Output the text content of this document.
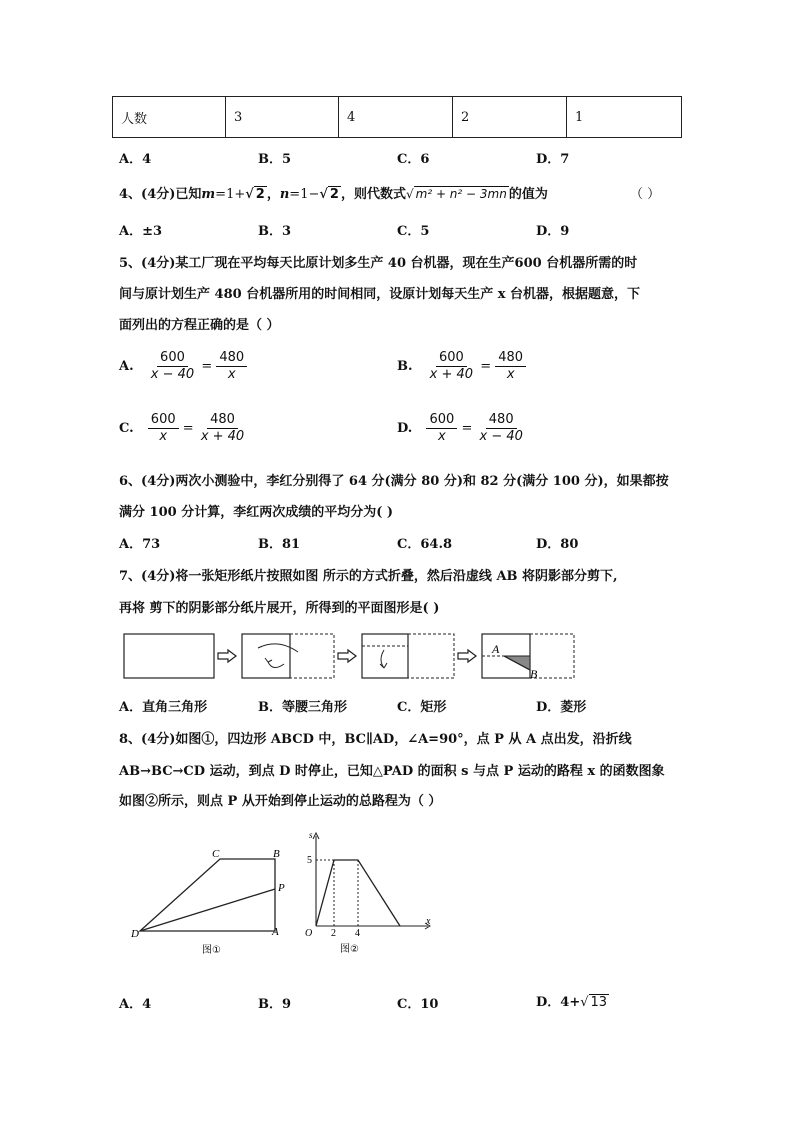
人数	3	4	2	1
A．4	B．5	C．6	D．7
4、(4分)已知m=1+√ 2 ，n=1−√ 2 ，则代数式√ m² + n² − 3mn 的值为	（ ）
A．±3	B．3	C．5	D．9
5、(4分)某工厂现在平均每天比原计划多生产 40 台机器，现在生产600 台机器所需的时
间与原计划生产 480 台机器所用的时间相同，设原计划每天生产 x 台机器，根据题意，下
面列出的方程正确的是（ ）
A. $\frac{600}{x - 40} = \frac{480}{x}$	B. $\frac{600}{x + 40} = \frac{480}{x}$
C. $\frac{600}{x} = \frac{480}{x + 40}$	D. $\frac{600}{x} = \frac{480}{x - 40}$
6、(4分)两次小测验中，李红分别得了 64 分(满分 80 分)和 82 分(满分 100 分)，如果都按
满分 100 分计算，李红两次成绩的平均分为( )
A．73	B．81	C．64.8	D．80
7、(4分)将一张矩形纸片按照如图 所示的方式折叠，然后沿虚线 AB 将阴影部分剪下,
再将 剪下的阴影部分纸片展开，所得到的平面图形是( )
A
B
A．直角三角形	B．等腰三角形	C．矩形	D．菱形
8、(4分)如图①，四边形 ABCD 中，BC∥AD，∠A=90°，点 P 从 A 点出发，沿折线
AB→BC→CD 运动，到点 D 时停止，已知△PAD 的面积 s 与点 P 运动的路程 x 的函数图象
如图②所示，则点 P 从开始到停止运动的总路程为（ ）
C	B
P
D	A
图①
s
5
O 2 4
x
图②
A．4	B．9	C．10	D．4+√ 13
